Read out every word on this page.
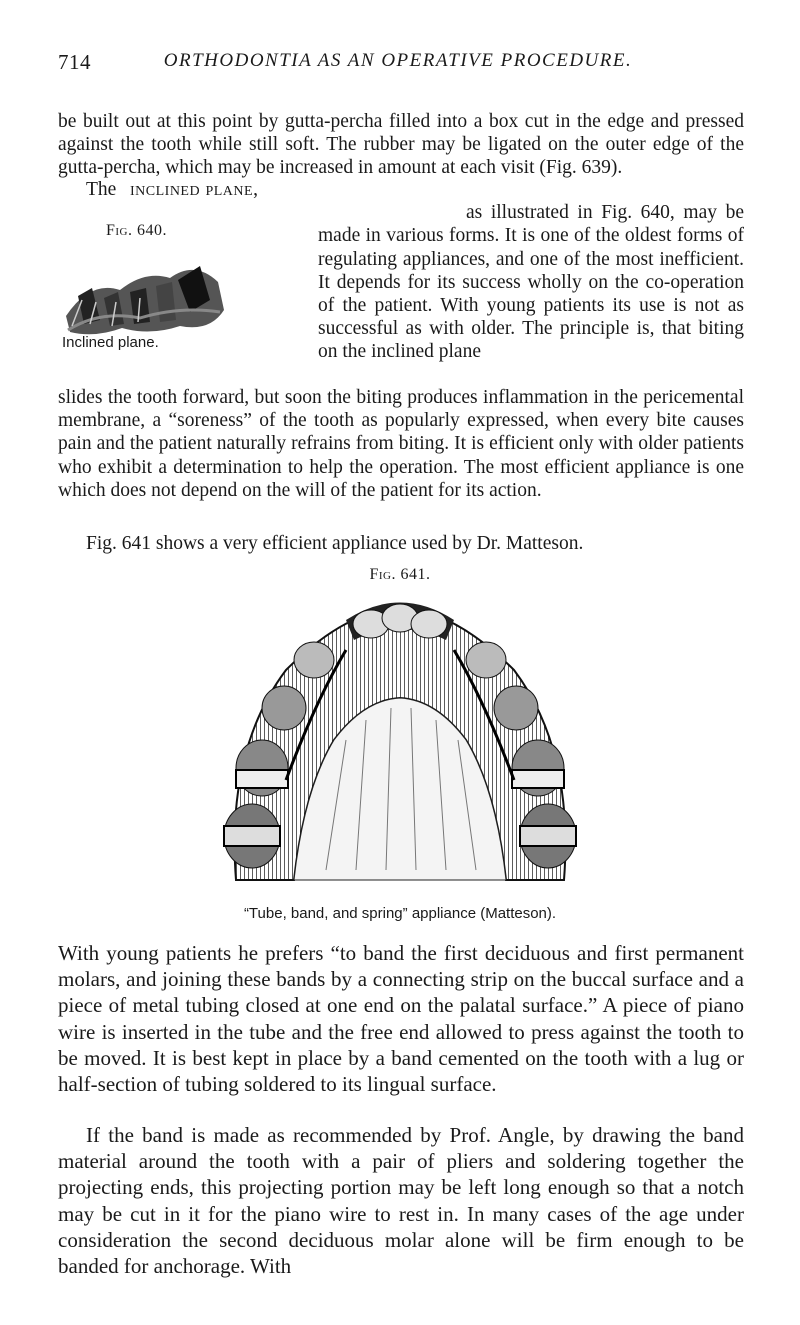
714	ORTHODONTIA AS AN OPERATIVE PROCEDURE.

be built out at this point by gutta-percha filled into a box cut in the edge and pressed against the tooth while still soft. The rubber may be ligated on the outer edge of the gutta-percha, which may be increased in amount at each visit (Fig. 639).

The inclined plane,
as illustrated in Fig. 640, may be made in various forms. It is one of the oldest forms of regulating appliances, and one of the most inefficient. It depends for its success wholly on the co-operation of the patient. With young patients its use is not as successful as with older. The principle is, that biting on the inclined plane

slides the tooth forward, but soon the biting produces inflammation in the pericemental membrane, a “soreness” of the tooth as popularly expressed, when every bite causes pain and the patient naturally refrains from biting. It is efficient only with older patients who exhibit a determination to help the operation. The most efficient appliance is one which does not depend on the will of the patient for its action.

Fig. 640.
Inclined plane.

Fig. 641 shows a very efficient appliance used by Dr. Matteson.

Fig. 641.
“Tube, band, and spring” appliance (Matteson).

With young patients he prefers “to band the first deciduous and first permanent molars, and joining these bands by a connecting strip on the buccal surface and a piece of metal tubing closed at one end on the palatal surface.” A piece of piano wire is inserted in the tube and the free end allowed to press against the tooth to be moved. It is best kept in place by a band cemented on the tooth with a lug or half-section of tubing soldered to its lingual surface.

If the band is made as recommended by Prof. Angle, by drawing the band material around the tooth with a pair of pliers and soldering together the projecting ends, this projecting portion may be left long enough so that a notch may be cut in it for the piano wire to rest in. In many cases of the age under consideration the second deciduous molar alone will be firm enough to be banded for anchorage. With
